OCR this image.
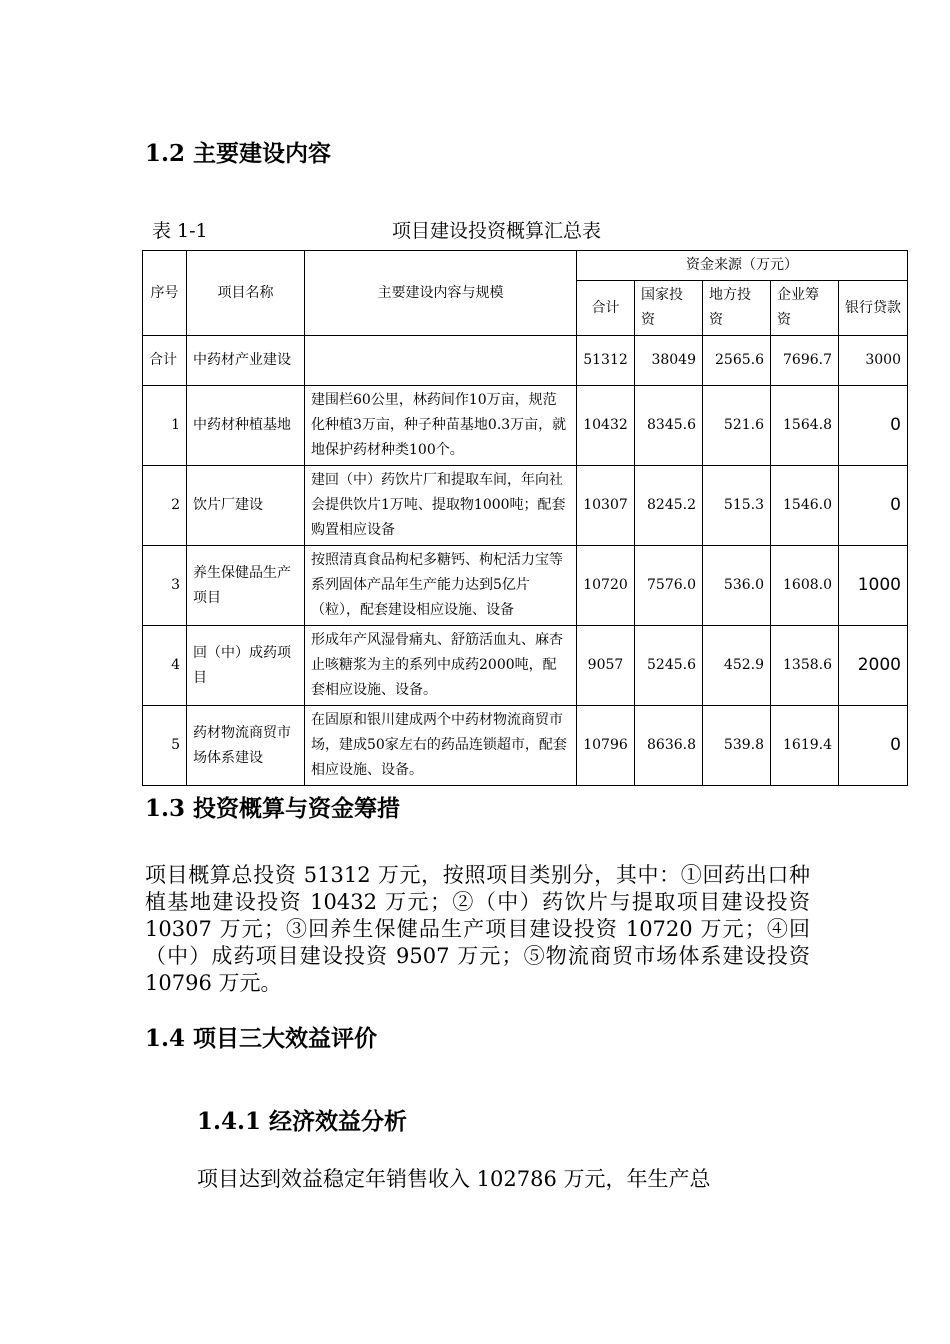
1.2 主要建设内容
表 1-1	项目建设投资概算汇总表
序号	项目名称	主要建设内容与规模	资金来源（万元）				
			合计	国家投资	地方投资	企业筹资	银行贷款
合计	中药材产业建设		51312	38049	2565.6	7696.7	3000
1	中药材种植基地	建围栏60公里，林药间作10万亩，规范化种植3万亩，种子种苗基地0.3万亩，就地保护药材种类100个。	10432	8345.6	521.6	1564.8	0
2	饮片厂建设	建回（中）药饮片厂和提取车间，年向社会提供饮片1万吨、提取物1000吨；配套购置相应设备	10307	8245.2	515.3	1546.0	0
3	养生保健品生产项目	按照清真食品枸杞多糖钙、枸杞活力宝等系列固体产品年生产能力达到5亿片（粒），配套建设相应设施、设备	10720	7576.0	536.0	1608.0	1000
4	回（中）成药项目	形成年产风湿骨痛丸、舒筋活血丸、麻杏止咳糖浆为主的系列中成药2000吨，配套相应设施、设备。	9057	5245.6	452.9	1358.6	2000
5	药材物流商贸市场体系建设	在固原和银川建成两个中药材物流商贸市场，建成50家左右的药品连锁超市，配套相应设施、设备。	10796	8636.8	539.8	1619.4	0
1.3 投资概算与资金筹措
项目概算总投资 51312 万元，按照项目类别分，其中：①回药出口种植基地建设投资 10432 万元；②（中）药饮片与提取项目建设投资 10307 万元；③回养生保健品生产项目建设投资 10720 万元；④回（中）成药项目建设投资 9507 万元；⑤物流商贸市场体系建设投资 10796 万元。
1.4 项目三大效益评价
1.4.1 经济效益分析
项目达到效益稳定年销售收入 102786 万元，年生产总
